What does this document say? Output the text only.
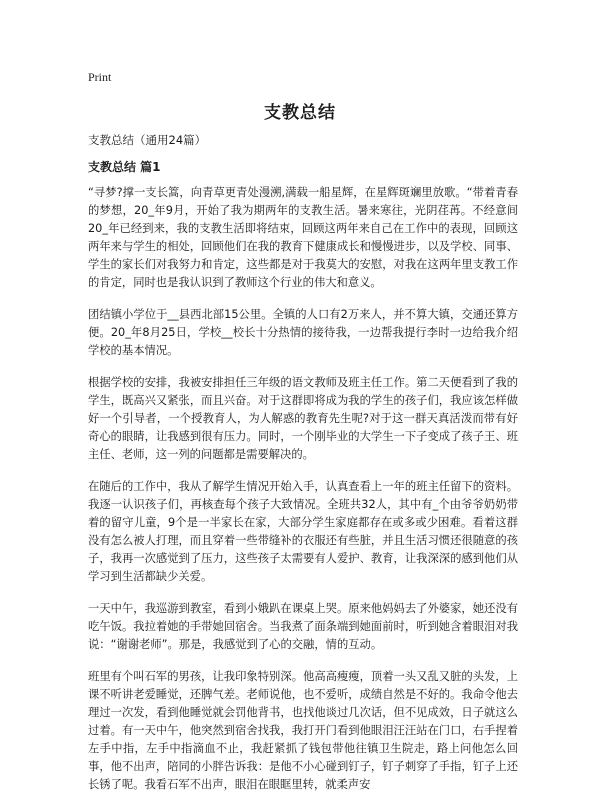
Print
支教总结
支教总结（通用24篇）
支教总结 篇1

“寻梦?撑一支长篙，向青草更青处漫溯,满载一船星辉，在星辉斑斓里放歌。“带着青春的梦想，20_年9月，开始了我为期两年的支教生活。暑来寒往，光阴荏苒。不经意间20_年已经到来，我的支教生活即将结束，回顾这两年来自己在工作中的表现，回顾这两年来与学生的相处，回顾他们在我的教育下健康成长和慢慢进步，以及学校、同事、学生的家长们对我努力和肯定，这些都是对于我莫大的安慰，对我在这两年里支教工作的肯定，同时也是我认识到了教师这个行业的伟大和意义。

团结镇小学位于__县西北部15公里。全镇的人口有2万来人，并不算大镇，交通还算方便。20_年8月25日，学校__校长十分热情的接待我，一边帮我提行李时一边给我介绍学校的基本情况。

根据学校的安排，我被安排担任三年级的语文教师及班主任工作。第二天便看到了我的学生，既高兴又紧张，而且兴奋。对于这群即将成为我的学生的孩子们，我应该怎样做好一个引导者，一个授教育人，为人解惑的教育先生呢?对于这一群天真活泼而带有好奇心的眼睛，让我感到很有压力。同时，一个刚毕业的大学生一下子变成了孩子王、班主任、老师，这一列的问题都是需要解决的。

在随后的工作中，我从了解学生情况开始入手，认真查看上一年的班主任留下的资料。我逐一认识孩子们，再核查每个孩子大致情况。全班共32人，其中有_个由爷爷奶奶带着的留守儿童，9个是一半家长在家，大部分学生家庭都存在或多或少困难。看着这群没有怎么被人打理，而且穿着一些带缝补的衣服还有些脏，并且生活习惯还很随意的孩子，我再一次感觉到了压力，这些孩子太需要有人爱护、教育，让我深深的感到他们从学习到生活都缺少关爱。

一天中午，我巡游到教室，看到小娥趴在课桌上哭。原来他妈妈去了外婆家，她还没有吃午饭。我拉着她的手带她回宿舍。当我煮了面条端到她面前时，听到她含着眼泪对我说：“谢谢老师”。那是，我感觉到了心的交融，情的互动。

班里有个叫石军的男孩，让我印象特别深。他高高瘦瘦，顶着一头又乱又脏的头发，上课不听讲老爱睡觉，还脾气差。老师说他，也不爱听，成绩自然是不好的。我命令他去理过一次发，看到他睡觉就会罚他背书，也找他谈过几次话，但不见成效，日子就这么过着。有一天中午，他突然到宿舍找我，我打开门看到他眼泪汪汪站在门口，右手捏着左手中指，左手中指滴血不止，我赶紧抓了钱包带他往镇卫生院走，路上问他怎么回事，他不出声，陪同的小胖告诉我：是他不小心碰到钉子，钉子刺穿了手指，钉子上还长锈了呢。我看石军不出声，眼泪在眼眶里转，就柔声安
